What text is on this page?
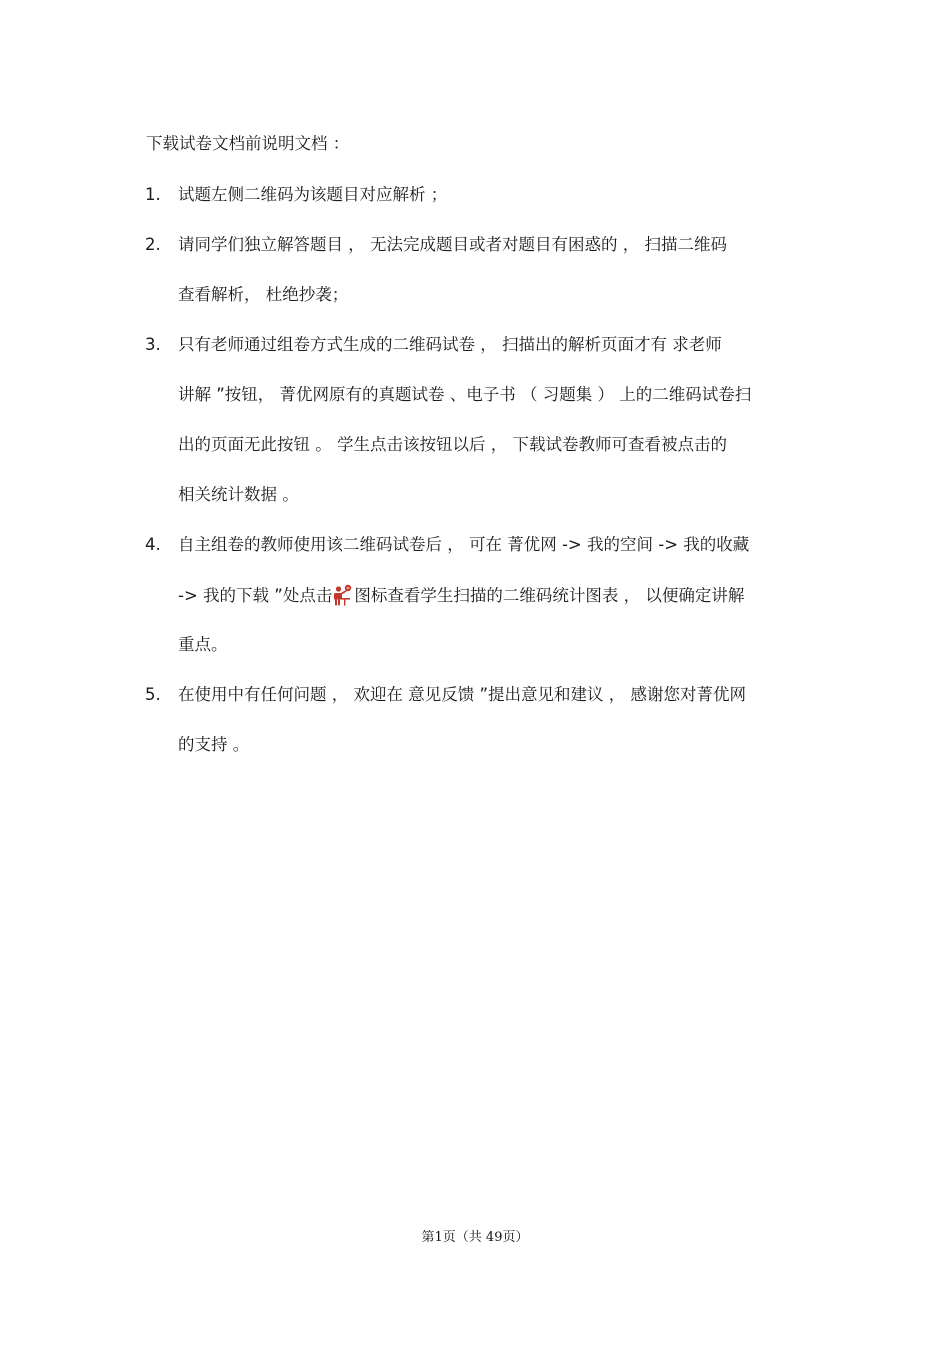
下载试卷文档前说明文档 ：
1. 试题左侧二维码为该题目对应解析 ；
2. 请同学们独立解答题目 ， 无法完成题目或者对题目有困惑的 ， 扫描二维码
查看解析， 杜绝抄袭；
3. 只有老师通过组卷方式生成的二维码试卷 ， 扫描出的解析页面才有 求老师
讲解 ”按钮， 菁优网原有的真题试卷 、电子书 （ 习题集 ） 上的二维码试卷扫
出的页面无此按钮 。 学生点击该按钮以后 ， 下载试卷教师可查看被点击的
相关统计数据 。
4. 自主组卷的教师使用该二维码试卷后 ， 可在 菁优网 -> 我的空间 -> 我的收藏
-> 我的下载 ”处点击 图标查看学生扫描的二维码统计图表 ， 以便确定讲解
重点。
5. 在使用中有任何问题 ， 欢迎在 意见反馈 ”提出意见和建议 ， 感谢您对菁优网
的支持 。
第1页（共 49页）
